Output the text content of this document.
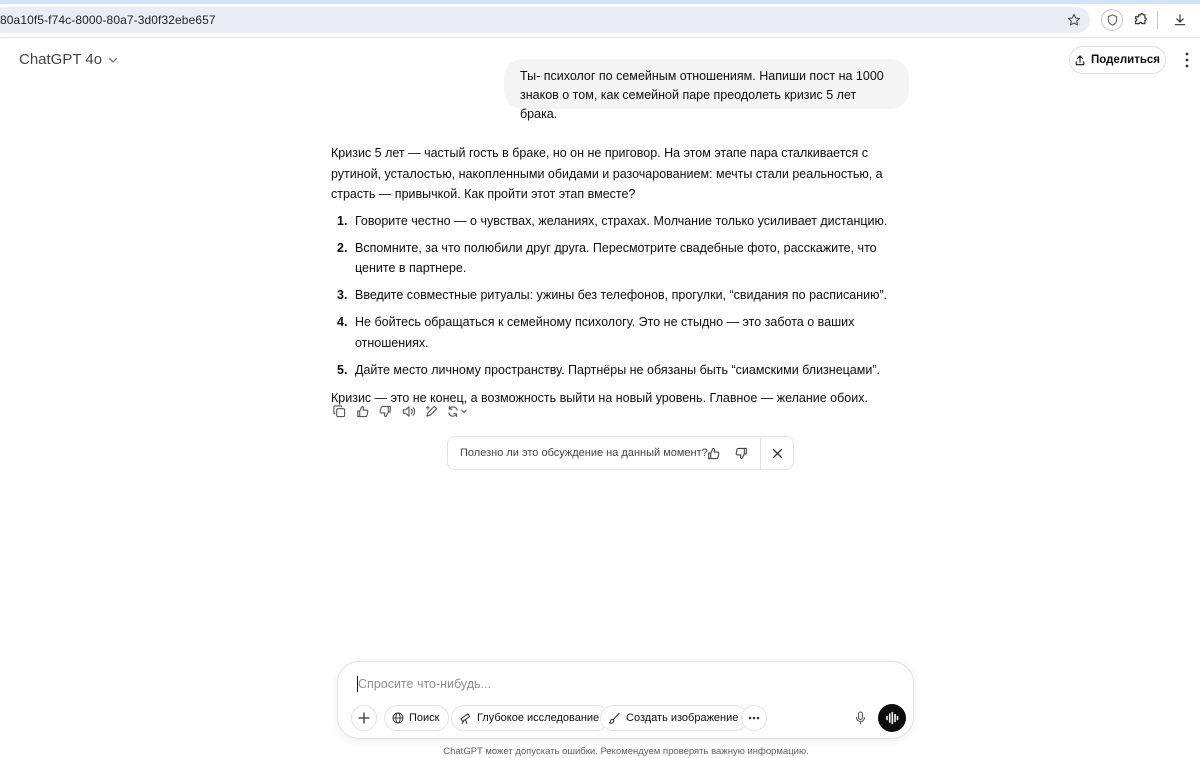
80a10f5-f74c-8000-80a7-3d0f32ebe657
ChatGPT 4o	Поделиться
Ты- психолог по семейным отношениям. Напиши пост на 1000 знаков о том, как семейной паре преодолеть кризис 5 лет брака.

Кризис 5 лет — частый гость в браке, но он не приговор. На этом этапе пара сталкивается с рутиной, усталостью, накопленными обидами и разочарованием: мечты стали реальностью, а страсть — привычкой. Как пройти этот этап вместе?

1. Говорите честно — о чувствах, желаниях, страхах. Молчание только усиливает дистанцию.
2. Вспомните, за что полюбили друг друга. Пересмотрите свадебные фото, расскажите, что цените в партнере.
3. Введите совместные ритуалы: ужины без телефонов, прогулки, “свидания по расписанию”.
4. Не бойтесь обращаться к семейному психологу. Это не стыдно — это забота о ваших отношениях.
5. Дайте место личному пространству. Партнёры не обязаны быть “сиамскими близнецами”.

Кризис — это не конец, а возможность выйти на новый уровень. Главное — желание обоих.

Полезно ли это обсуждение на данный момент?
Спросите что-нибудь...
Поиск	Глубокое исследование Создать изображение
ChatGPT может допускать ошибки. Рекомендуем проверять важную информацию.
